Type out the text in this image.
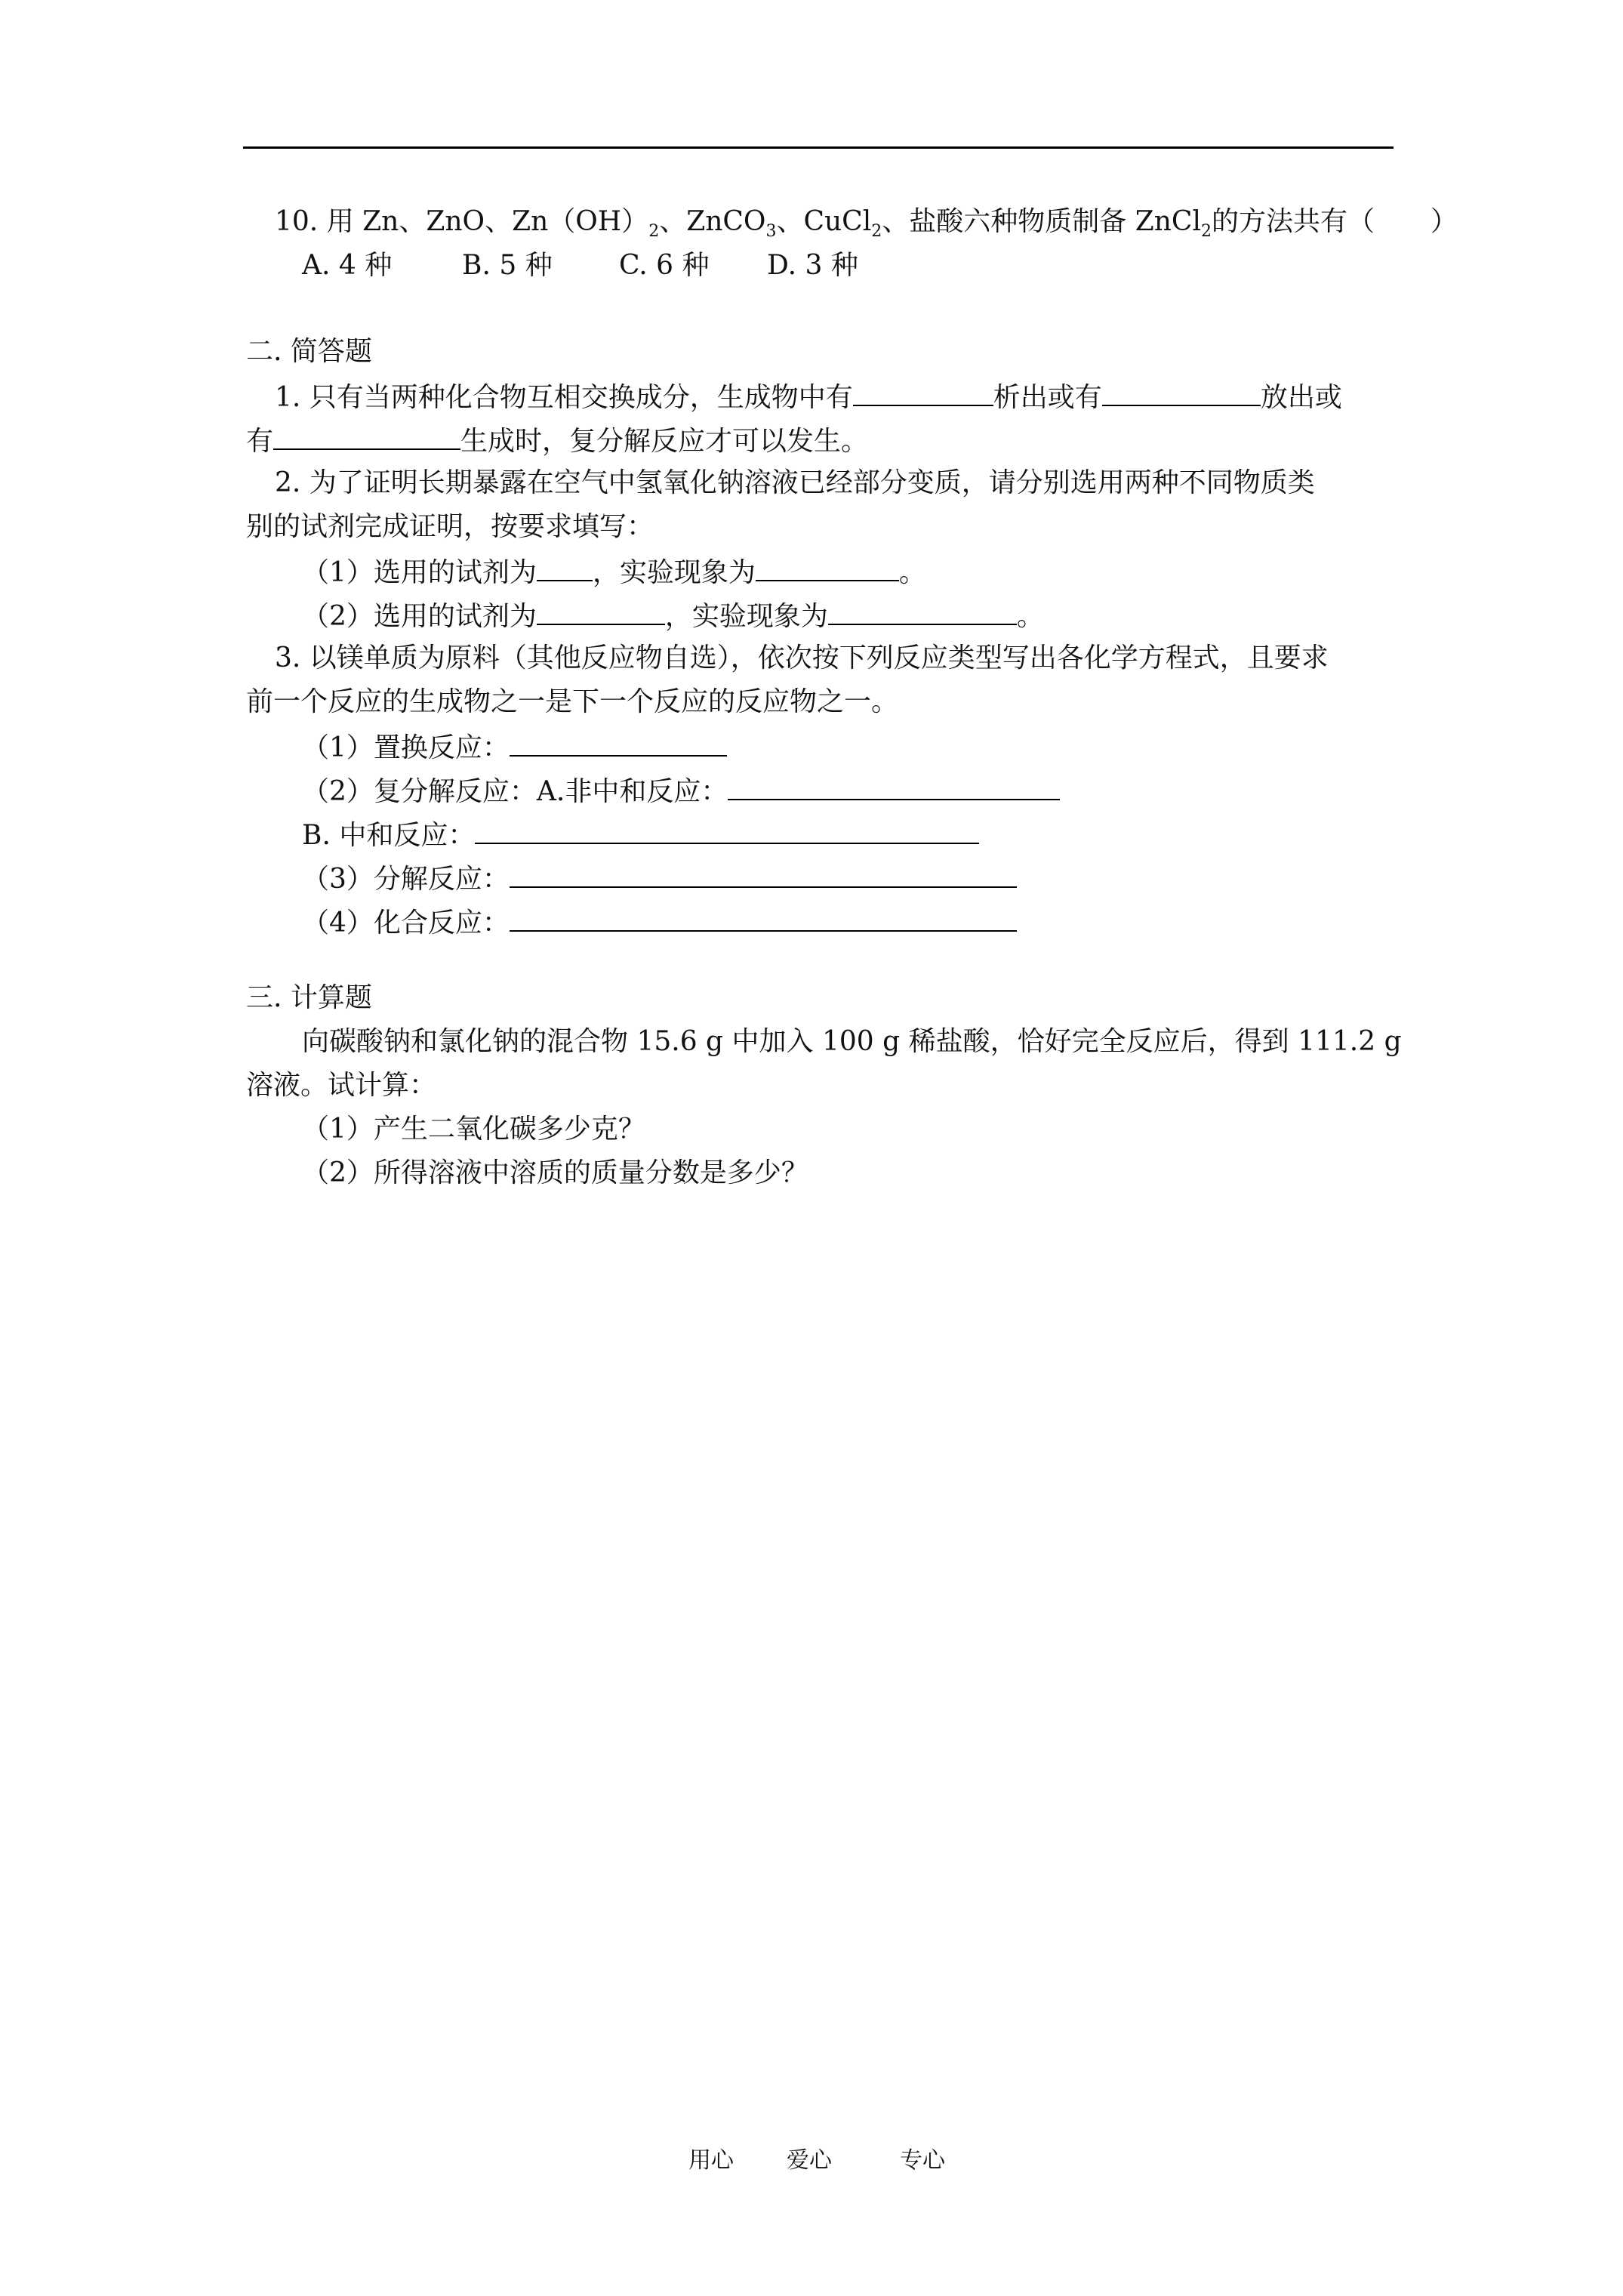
10. 用 Zn、ZnO、$Zn(OH)_2$、ZnCO$_3$、CuCl$_2$、盐酸六种物质制备 ZnCl$_2$的方法共有（ ）
A. 4 种	B. 5 种 C. 6 种 D. 3 种
二. 简答题
1. 只有当两种化合物互相交换成分，生成物中有	析出或有	放出或
有	生成时，复分解反应才可以发生。
2. 为了证明长期暴露在空气中氢氧化钠溶液已经部分变质，请分别选用两种不同物质类
别的试剂完成证明，按要求填写：
（1）选用的试剂为 ，实验现象为	。
（2）选用的试剂为	，实验现象为	。
3. 以镁单质为原料（其他反应物自选），依次按下列反应类型写出各化学方程式，且要求
前一个反应的生成物之一是下一个反应的反应物之一。
（1）置换反应：
（2）复分解反应：A.非中和反应：
B. 中和反应：
（3）分解反应：
（4）化合反应：
三. 计算题
向碳酸钠和氯化钠的混合物 15.6 g 中加入 100 g 稀盐酸，恰好完全反应后，得到 111.2 g
溶液。试计算：
（1）产生二氧化碳多少克？
（2）所得溶液中溶质的质量分数是多少？
用心 爱心	专心
